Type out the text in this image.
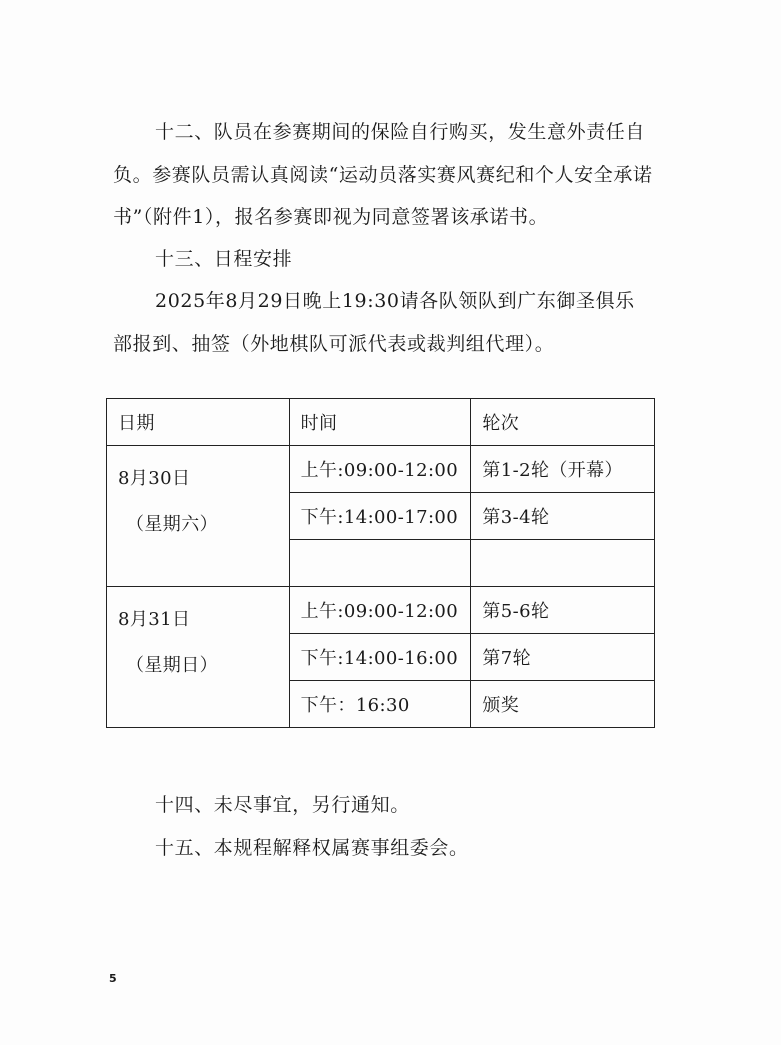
十二、队员在参赛期间的保险自行购买，发生意外责任自负。参赛队员需认真阅读“运动员落实赛风赛纪和个人安全承诺书”（附件1），报名参赛即视为同意签署该承诺书。

十三、日程安排

2025年8月29日晚上19:30请各队领队到广东御圣俱乐部报到、抽签（外地棋队可派代表或裁判组代理）。

日期	时间	轮次

8月30日
（星期六）	上午:09:00-12:00	第1-2轮（开幕）
	下午:14:00-17:00	第3-4轮

8月31日
（星期日）	上午:09:00-12:00	第5-6轮
	下午:14:00-16:00	第7轮
	下午：16:30	颁奖

十四、未尽事宜，另行通知。

十五、本规程解释权属赛事组委会。

5
